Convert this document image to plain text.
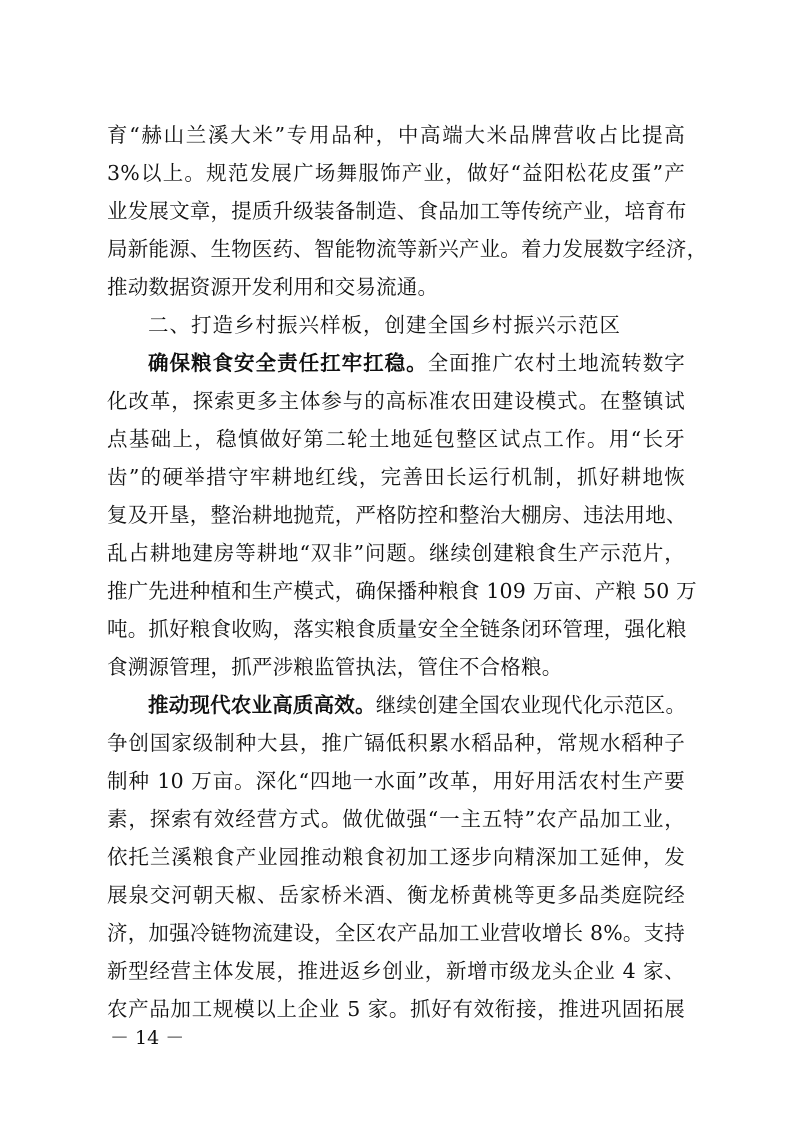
育“赫山兰溪大米”专用品种，中高端大米品牌营收占比提高
3%以上。规范发展广场舞服饰产业，做好“益阳松花皮蛋”产
业发展文章，提质升级装备制造、食品加工等传统产业，培育布
局新能源、生物医药、智能物流等新兴产业。着力发展数字经济，
推动数据资源开发利用和交易流通。
二、打造乡村振兴样板，创建全国乡村振兴示范区
确保粮食安全责任扛牢扛稳。全面推广农村土地流转数字
化改革，探索更多主体参与的高标准农田建设模式。在整镇试
点基础上，稳慎做好第二轮土地延包整区试点工作。用“长牙
齿”的硬举措守牢耕地红线，完善田长运行机制，抓好耕地恢
复及开垦，整治耕地抛荒，严格防控和整治大棚房、违法用地、
乱占耕地建房等耕地“双非”问题。继续创建粮食生产示范片，
推广先进种植和生产模式，确保播种粮食 109 万亩、产粮 50 万
吨。抓好粮食收购，落实粮食质量安全全链条闭环管理，强化粮
食溯源管理，抓严涉粮监管执法，管住不合格粮。
推动现代农业高质高效。继续创建全国农业现代化示范区。
争创国家级制种大县，推广镉低积累水稻品种，常规水稻种子
制种 10 万亩。深化“四地一水面”改革，用好用活农村生产要
素，探索有效经营方式。做优做强“一主五特”农产品加工业，
依托兰溪粮食产业园推动粮食初加工逐步向精深加工延伸，发
展泉交河朝天椒、岳家桥米酒、衡龙桥黄桃等更多品类庭院经
济，加强冷链物流建设，全区农产品加工业营收增长 8%。支持
新型经营主体发展，推进返乡创业，新增市级龙头企业 4 家、
农产品加工规模以上企业 5 家。抓好有效衔接，推进巩固拓展
－ 14 －
